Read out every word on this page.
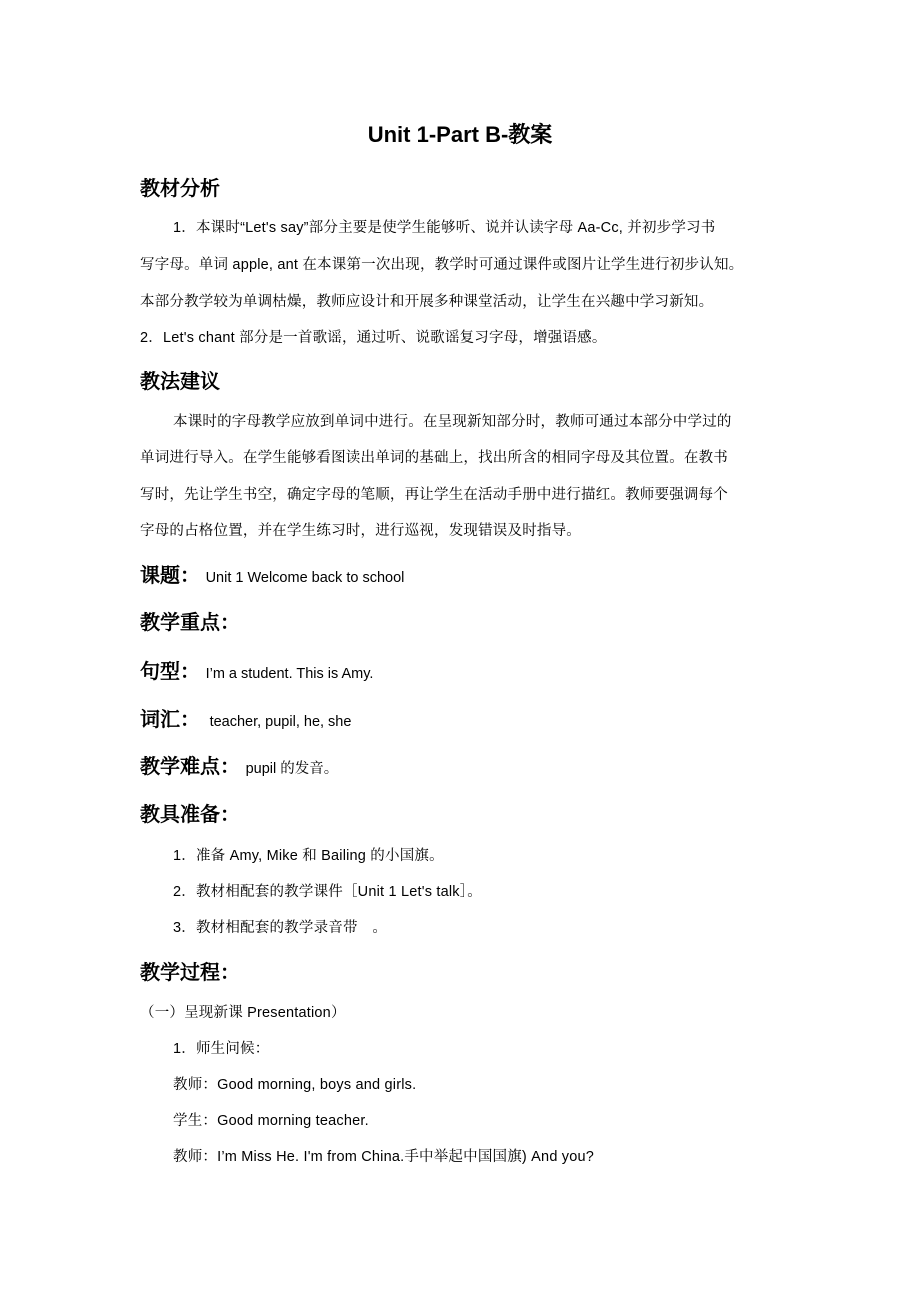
Unit 1-Part B-教案
教材分析
1．本课时“Let's say”部分主要是使学生能够听、说并认读字母 Aa-Cc, 并初步学习书
写字母。单词 apple, ant 在本课第一次出现，教学时可通过课件或图片让学生进行初步认知。
本部分教学较为单调枯燥，教师应设计和开展多种课堂活动，让学生在兴趣中学习新知。
2．Let's chant 部分是一首歌谣，通过听、说歌谣复习字母，增强语感。
教法建议
本课时的字母教学应放到单词中进行。在呈现新知部分时，教师可通过本部分中学过的
单词进行导入。在学生能够看图读出单词的基础上，找出所含的相同字母及其位置。在教书
写时，先让学生书空，确定字母的笔顺，再让学生在活动手册中进行描红。教师要强调每个
字母的占格位置，并在学生练习时，进行巡视，发现错误及时指导。
课题： Unit 1 Welcome back to school
教学重点：
句型： I’m a student. This is Amy.
词汇： teacher, pupil, he, she
教学难点： pupil 的发音。
教具准备：
1．准备 Amy, Mike 和 Bailing 的小国旗。
2．教材相配套的教学课件［Unit 1 Let's talk］。
3．教材相配套的教学录音带　。
教学过程：
（一）呈现新课 Presentation）
1．师生问候：
教师：Good morning, boys and girls.
学生：Good morning teacher.
教师：I’m Miss He. I'm from China.手中举起中国国旗) And you?
